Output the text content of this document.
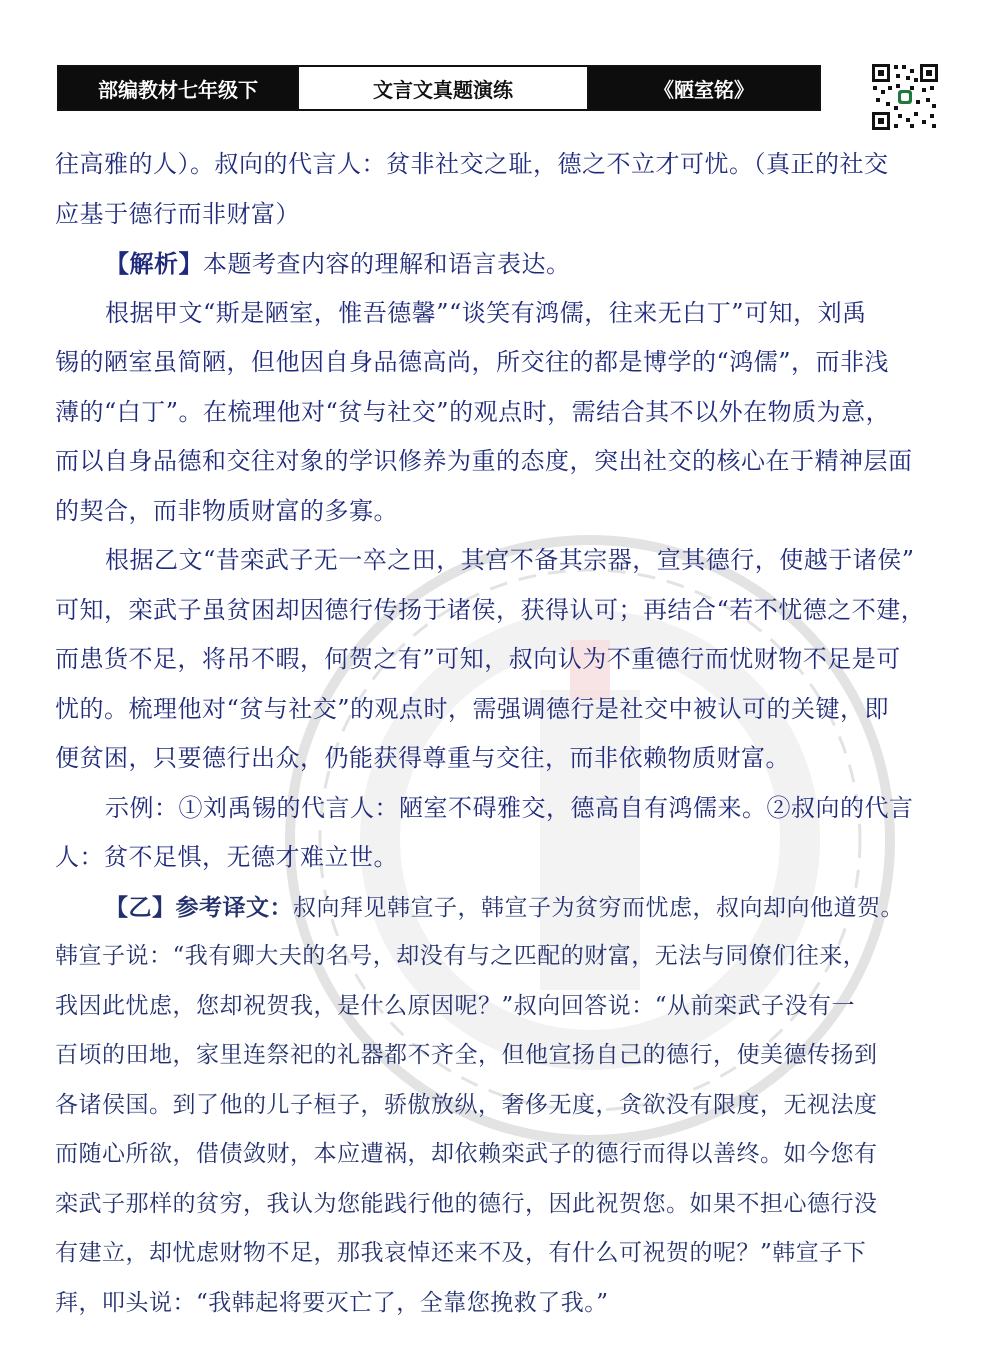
部编教材七年级下	文言文真题演练	《陋室铭》
往高雅的人）。叔向的代言人：贫非社交之耻，德之不立才可忧。（真正的社交
应基于德行而非财富）
【解析】本题考查内容的理解和语言表达。
根据甲文“斯是陋室，惟吾德馨”“谈笑有鸿儒，往来无白丁”可知，刘禹
锡的陋室虽简陋，但他因自身品德高尚，所交往的都是博学的“鸿儒”，而非浅
薄的“白丁”。在梳理他对“贫与社交”的观点时，需结合其不以外在物质为意，
而以自身品德和交往对象的学识修养为重的态度，突出社交的核心在于精神层面
的契合，而非物质财富的多寡。
根据乙文“昔栾武子无一卒之田，其宫不备其宗器，宣其德行，使越于诸侯”
可知，栾武子虽贫困却因德行传扬于诸侯，获得认可；再结合“若不忧德之不建，
而患货不足，将吊不暇，何贺之有”可知，叔向认为不重德行而忧财物不足是可
忧的。梳理他对“贫与社交”的观点时，需强调德行是社交中被认可的关键，即
便贫困，只要德行出众，仍能获得尊重与交往，而非依赖物质财富。
示例：①刘禹锡的代言人：陋室不碍雅交，德高自有鸿儒来。②叔向的代言
人：贫不足惧，无德才难立世。
【乙】参考译文：叔向拜见韩宣子，韩宣子为贫穷而忧虑，叔向却向他道贺。
韩宣子说：“我有卿大夫的名号，却没有与之匹配的财富，无法与同僚们往来，
我因此忧虑，您却祝贺我，是什么原因呢？”叔向回答说：“从前栾武子没有一
百顷的田地，家里连祭祀的礼器都不齐全，但他宣扬自己的德行，使美德传扬到
各诸侯国。到了他的儿子桓子，骄傲放纵，奢侈无度，贪欲没有限度，无视法度
而随心所欲，借债敛财，本应遭祸，却依赖栾武子的德行而得以善终。如今您有
栾武子那样的贫穷，我认为您能践行他的德行，因此祝贺您。如果不担心德行没
有建立，却忧虑财物不足，那我哀悼还来不及，有什么可祝贺的呢？”韩宣子下
拜，叩头说：“我韩起将要灭亡了，全靠您挽救了我。”
